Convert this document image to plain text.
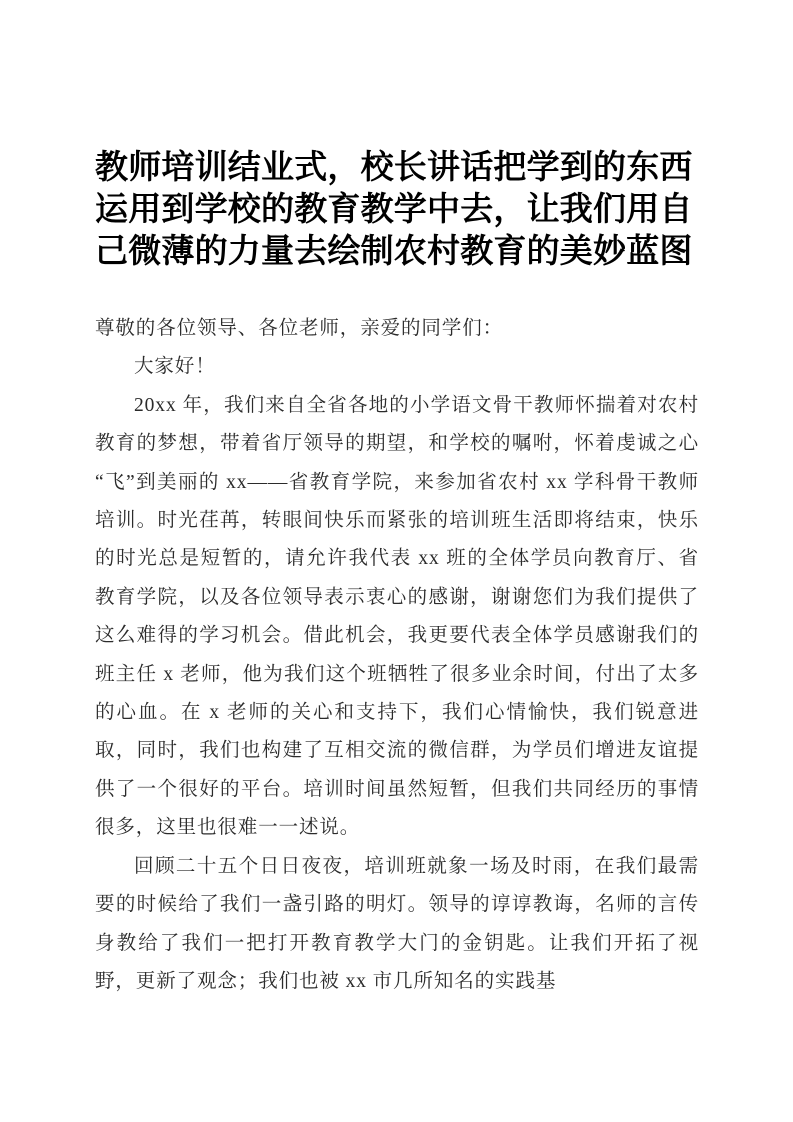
教师培训结业式，校长讲话把学到的东西运用到学校的教育教学中去，让我们用自己微薄的力量去绘制农村教育的美妙蓝图

尊敬的各位领导、各位老师，亲爱的同学们：

大家好！

20xx 年，我们来自全省各地的小学语文骨干教师怀揣着对农村教育的梦想，带着省厅领导的期望，和学校的嘱咐，怀着虔诚之心“飞”到美丽的 xx——省教育学院，来参加省农村 xx 学科骨干教师培训。时光荏苒，转眼间快乐而紧张的培训班生活即将结束，快乐的时光总是短暂的，请允许我代表 xx 班的全体学员向教育厅、省教育学院，以及各位领导表示衷心的感谢，谢谢您们为我们提供了这么难得的学习机会。借此机会，我更要代表全体学员感谢我们的班主任 x 老师，他为我们这个班牺牲了很多业余时间，付出了太多的心血。在 x 老师的关心和支持下，我们心情愉快，我们锐意进取，同时，我们也构建了互相交流的微信群，为学员们增进友谊提供了一个很好的平台。培训时间虽然短暂，但我们共同经历的事情很多，这里也很难一一述说。

回顾二十五个日日夜夜，培训班就象一场及时雨，在我们最需要的时候给了我们一盏引路的明灯。领导的谆谆教诲，名师的言传身教给了我们一把打开教育教学大门的金钥匙。让我们开拓了视野，更新了观念；我们也被 xx 市几所知名的实践基
